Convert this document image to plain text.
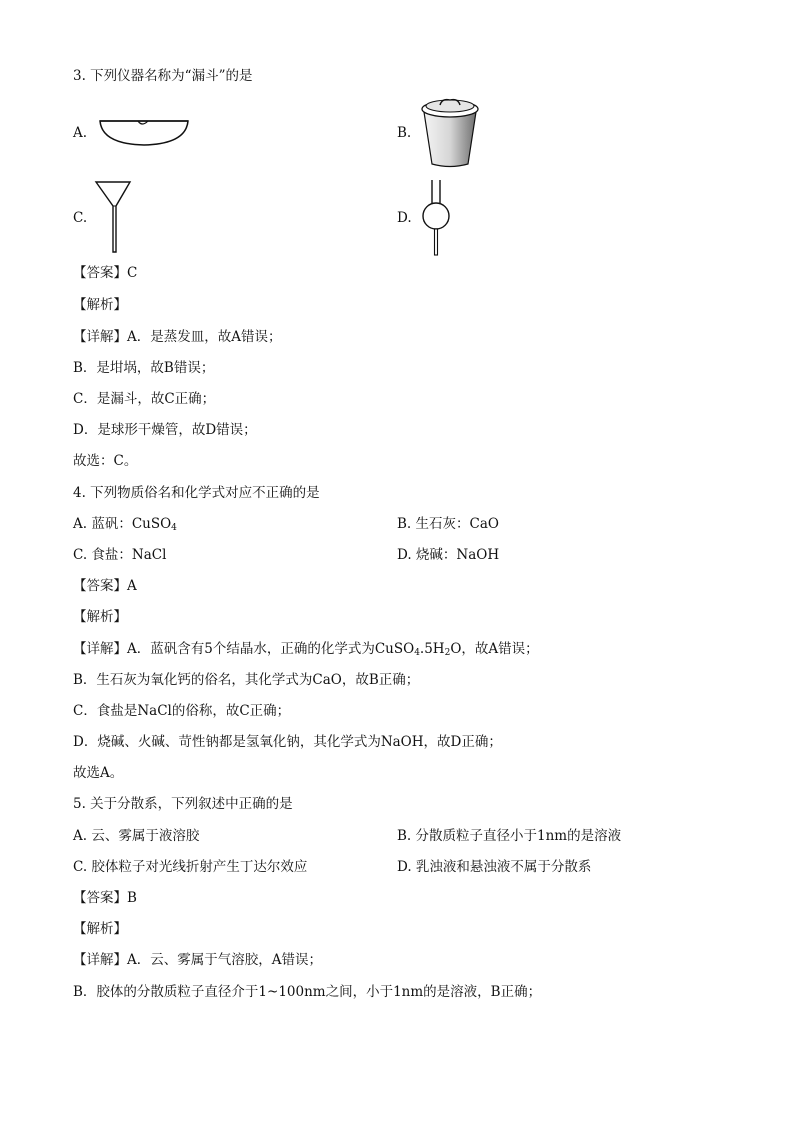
3. 下列仪器名称为“漏斗”的是
A.	B.
C.	D.
【答案】C
【解析】
【详解】A．是蒸发皿，故A错误；
B．是坩埚，故B错误；
C．是漏斗，故C正确；
D．是球形干燥管，故D错误；
故选：C。
4. 下列物质俗名和化学式对应不正确的是
A. 蓝矾：CuSO$_4$	B. 生石灰：CaO
C. 食盐：NaCl	D. 烧碱：NaOH
【答案】A
【解析】
【详解】A．蓝矾含有5个结晶水，正确的化学式为$CuSO_4.5H_2O$，故A错误；
B．生石灰为氧化钙的俗名，其化学式为CaO，故B正确；
C．食盐是NaCl的俗称，故C正确；
D．烧碱、火碱、苛性钠都是氢氧化钠，其化学式为NaOH，故D正确；
故选A。
5. 关于分散系，下列叙述中正确的是
A. 云、雾属于液溶胶	B. 分散质粒子直径小于1nm的是溶液
C. 胶体粒子对光线折射产生丁达尔效应	D. 乳浊液和悬浊液不属于分散系
【答案】B
【解析】
【详解】A．云、雾属于气溶胶，A错误；
B．胶体的分散质粒子直径介于1~100nm之间，小于1nm的是溶液，B正确；
